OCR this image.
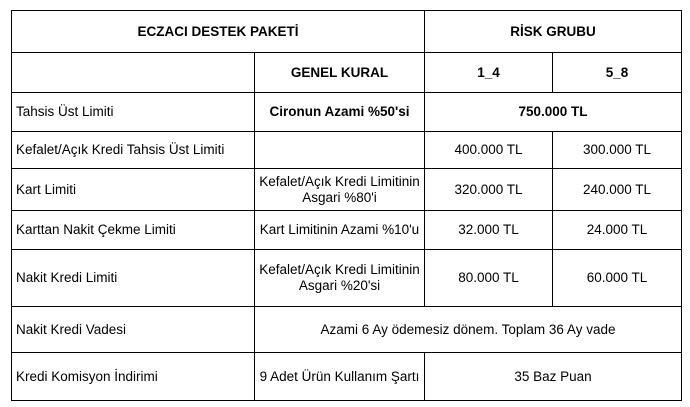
ECZACI DESTEK PAKETİ		RİSK GRUBU	
	GENEL KURAL	1_4	5_8
Tahsis Üst Limiti	Cironun Azami %50'si	750.000 TL	
Kefalet/Açık Kredi Tahsis Üst Limiti		400.000 TL	300.000 TL
Kart Limiti	Kefalet/Açık Kredi Limitinin Asgari %80'i	320.000 TL	240.000 TL
Karttan Nakit Çekme Limiti	Kart Limitinin Azami %10'u	32.000 TL	24.000 TL
Nakit Kredi Limiti	Kefalet/Açık Kredi Limitinin Asgari %20'si	80.000 TL	60.000 TL
Nakit Kredi Vadesi	Azami 6 Ay ödemesiz dönem. Toplam 36 Ay vade		
Kredi Komisyon İndirimi	9 Adet Ürün Kullanım Şartı	35 Baz Puan	
